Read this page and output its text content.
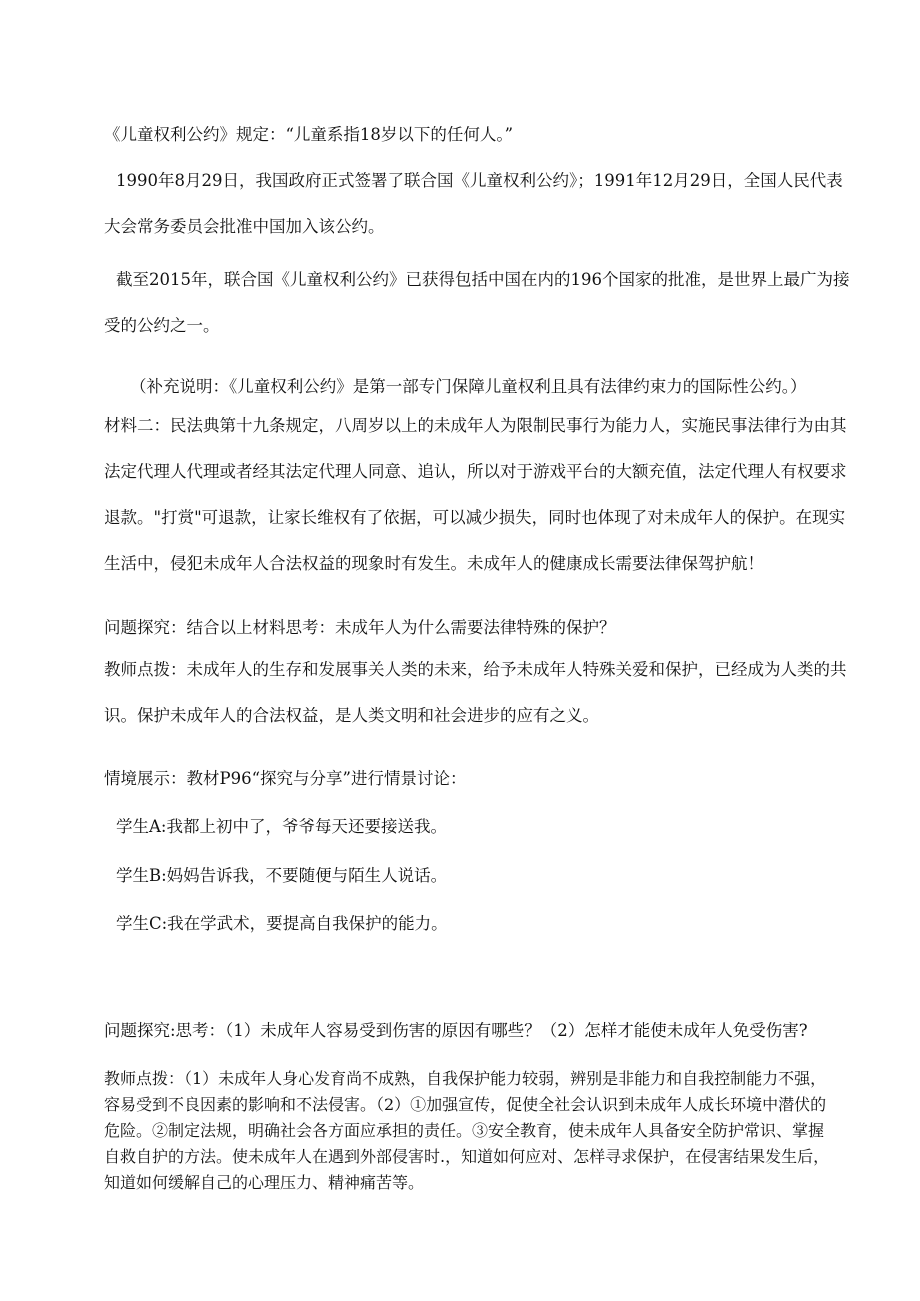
《儿童权利公约》规定：“儿童系指18岁以下的任何人。”

1990年8月29日，我国政府正式签署了联合国《儿童权利公约》；1991年12月29日，全国人民代表大会常务委员会批准中国加入该公约。

截至2015年，联合国《儿童权利公约》已获得包括中国在内的196个国家的批准，是世界上最广为接受的公约之一。

（补充说明：《儿童权利公约》是第一部专门保障儿童权利且具有法律约束力的国际性公约。）

材料二：民法典第十九条规定，八周岁以上的未成年人为限制民事行为能力人，实施民事法律行为由其法定代理人代理或者经其法定代理人同意、追认，所以对于游戏平台的大额充值，法定代理人有权要求退款。"打赏"可退款，让家长维权有了依据，可以减少损失，同时也体现了对未成年人的保护。在现实生活中，侵犯未成年人合法权益的现象时有发生。未成年人的健康成长需要法律保驾护航！

问题探究：结合以上材料思考：未成年人为什么需要法律特殊的保护？

教师点拨：未成年人的生存和发展事关人类的未来，给予未成年人特殊关爱和保护，已经成为人类的共识。保护未成年人的合法权益，是人类文明和社会进步的应有之义。

情境展示：教材P96“探究与分享”进行情景讨论：

学生A:我都上初中了，爷爷每天还要接送我。

学生B:妈妈告诉我，不要随便与陌生人说话。

学生C:我在学武术，要提高自我保护的能力。

问题探究:思考：（1）未成年人容易受到伤害的原因有哪些？（2）怎样才能使未成年人免受伤害?

教师点拨：（1）未成年人身心发育尚不成熟，自我保护能力较弱，辨别是非能力和自我控制能力不强，容易受到不良因素的影响和不法侵害。（2）①加强宣传，促使全社会认识到未成年人成长环境中潜伏的危险。②制定法规，明确社会各方面应承担的责任。③安全教育，使未成年人具备安全防护常识、掌握自救自护的方法。使未成年人在遇到外部侵害时.，知道如何应对、怎样寻求保护，在侵害结果发生后，知道如何缓解自己的心理压力、精神痛苦等。
